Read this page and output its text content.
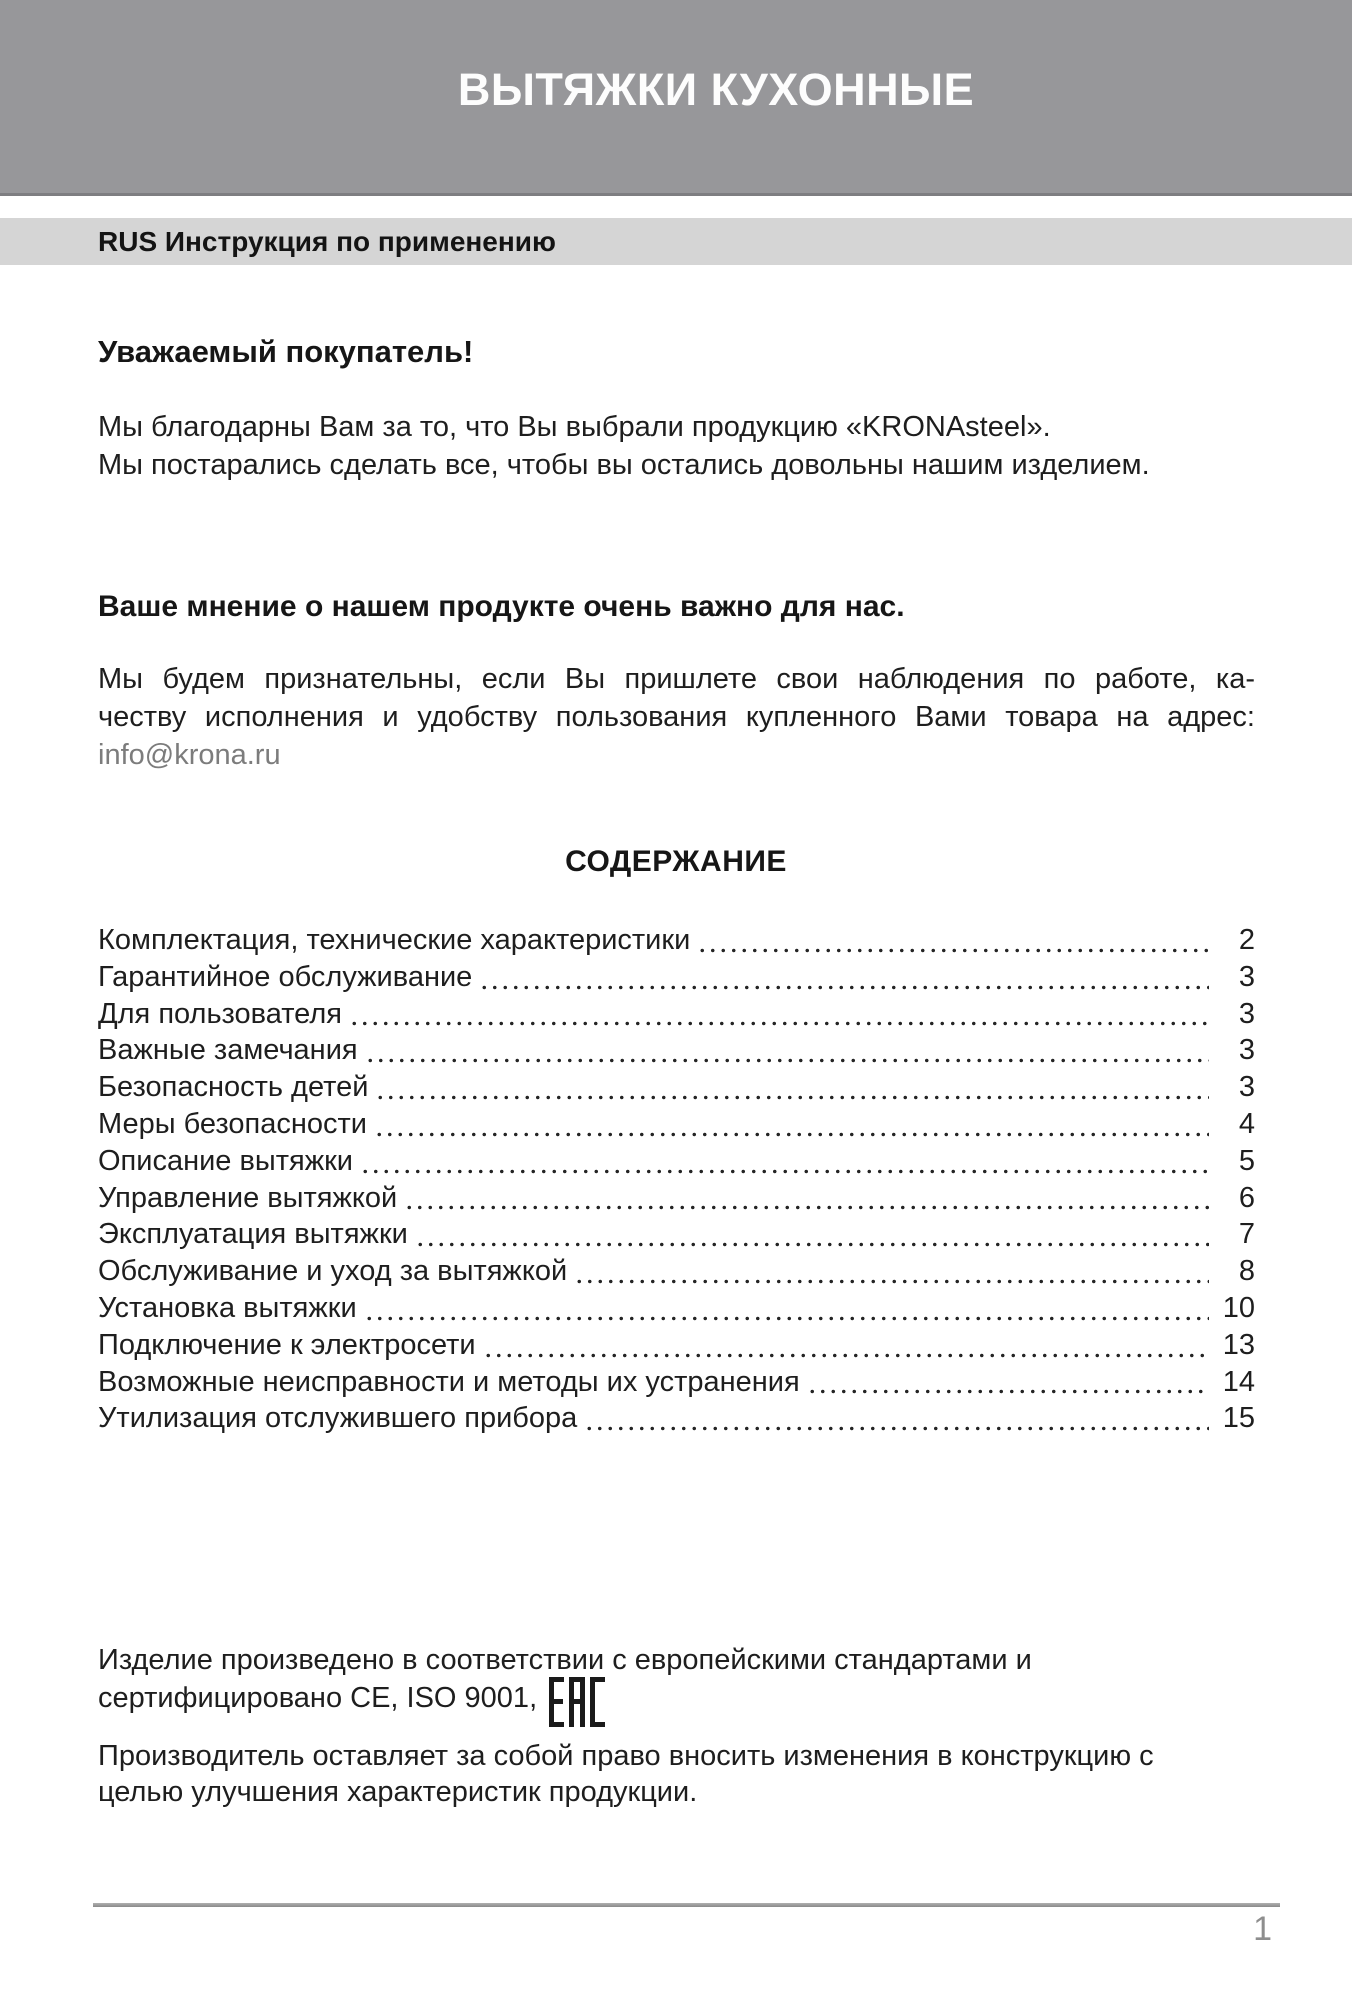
ВЫТЯЖКИ КУХОННЫЕ
RUS Инструкция по применению
Уважаемый покупатель!
Мы благодарны Вам за то, что Вы выбрали продукцию «KRONAsteel».
Мы постарались сделать все, чтобы вы остались довольны нашим изделием.
Ваше мнение о нашем продукте очень важно для нас.
Мы будем признательны, если Вы пришлете свои наблюдения по работе, ка-
честву исполнения и удобству пользования купленного Вами товара на адрес:
info@krona.ru
СОДЕРЖАНИЕ
Комплектация, технические характеристики	2
Гарантийное обслуживание	3
Для пользователя	3
Важные замечания	3
Безопасность детей	3
Меры безопасности	4
Описание вытяжки	5
Управление вытяжкой	6
Эксплуатация вытяжки	7
Обслуживание и уход за вытяжкой	8
Установка вытяжки	10
Подключение к электросети	13
Возможные неисправности и методы их устранения	14
Утилизация отслужившего прибора	15
Изделие произведено в соответствии с европейскими стандартами и
сертифицировано CE, ISO 9001,
Производитель оставляет за собой право вносить изменения в конструкцию с
целью улучшения характеристик продукции.
1
